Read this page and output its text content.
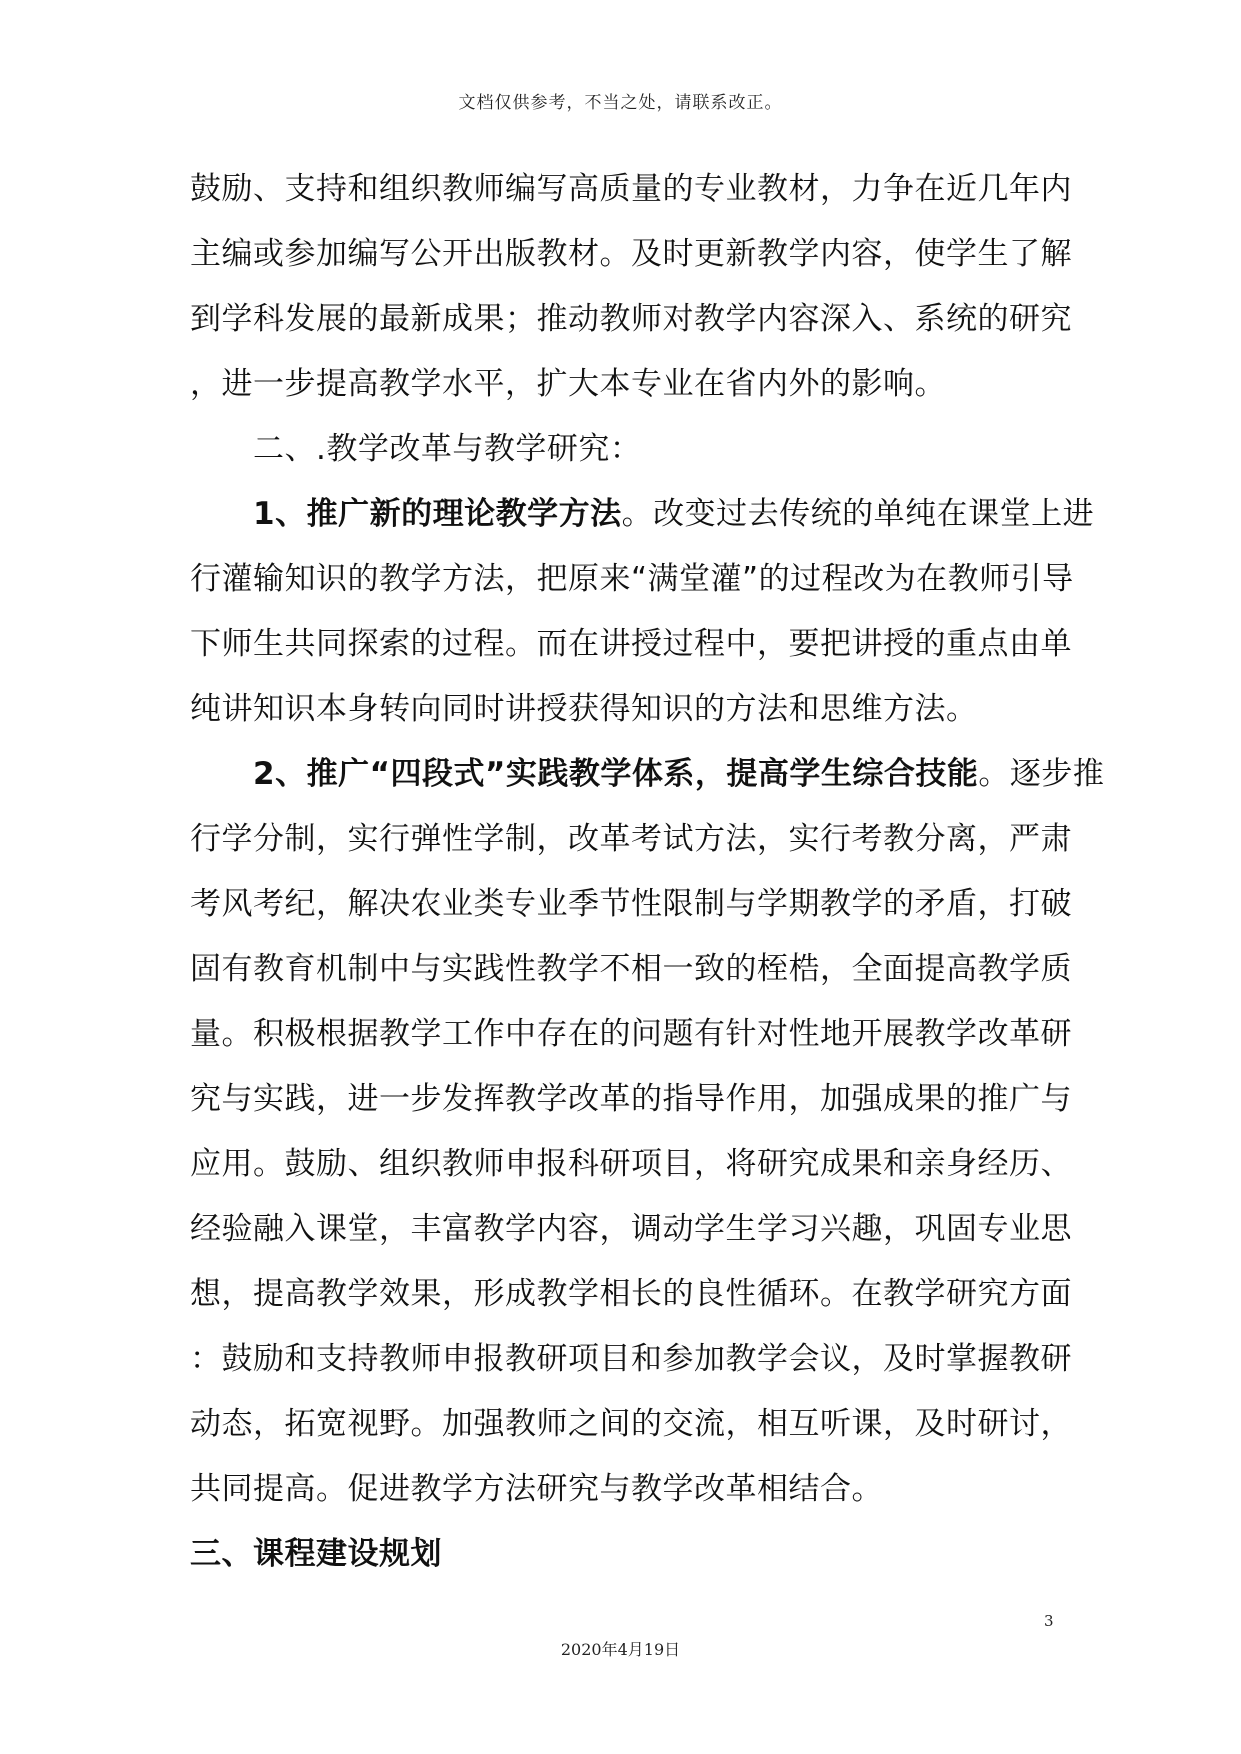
文档仅供参考，不当之处，请联系改正。
鼓励、支持和组织教师编写高质量的专业教材，力争在近几年内
主编或参加编写公开出版教材。及时更新教学内容，使学生了解
到学科发展的最新成果；推动教师对教学内容深入、系统的研究
，进一步提高教学水平，扩大本专业在省内外的影响。
二、.教学改革与教学研究：
1、推广新的理论教学方法。改变过去传统的单纯在课堂上进
行灌输知识的教学方法，把原来“满堂灌”的过程改为在教师引导
下师生共同探索的过程。而在讲授过程中，要把讲授的重点由单
纯讲知识本身转向同时讲授获得知识的方法和思维方法。
2、推广“四段式”实践教学体系，提高学生综合技能。逐步推
行学分制，实行弹性学制，改革考试方法，实行考教分离，严肃
考风考纪，解决农业类专业季节性限制与学期教学的矛盾，打破
固有教育机制中与实践性教学不相一致的桎梏，全面提高教学质
量。积极根据教学工作中存在的问题有针对性地开展教学改革研
究与实践，进一步发挥教学改革的指导作用，加强成果的推广与
应用。鼓励、组织教师申报科研项目，将研究成果和亲身经历、
经验融入课堂，丰富教学内容，调动学生学习兴趣，巩固专业思
想，提高教学效果，形成教学相长的良性循环。在教学研究方面
：鼓励和支持教师申报教研项目和参加教学会议，及时掌握教研
动态，拓宽视野。加强教师之间的交流，相互听课，及时研讨，
共同提高。促进教学方法研究与教学改革相结合。
三、课程建设规划
3
2020年4月19日
